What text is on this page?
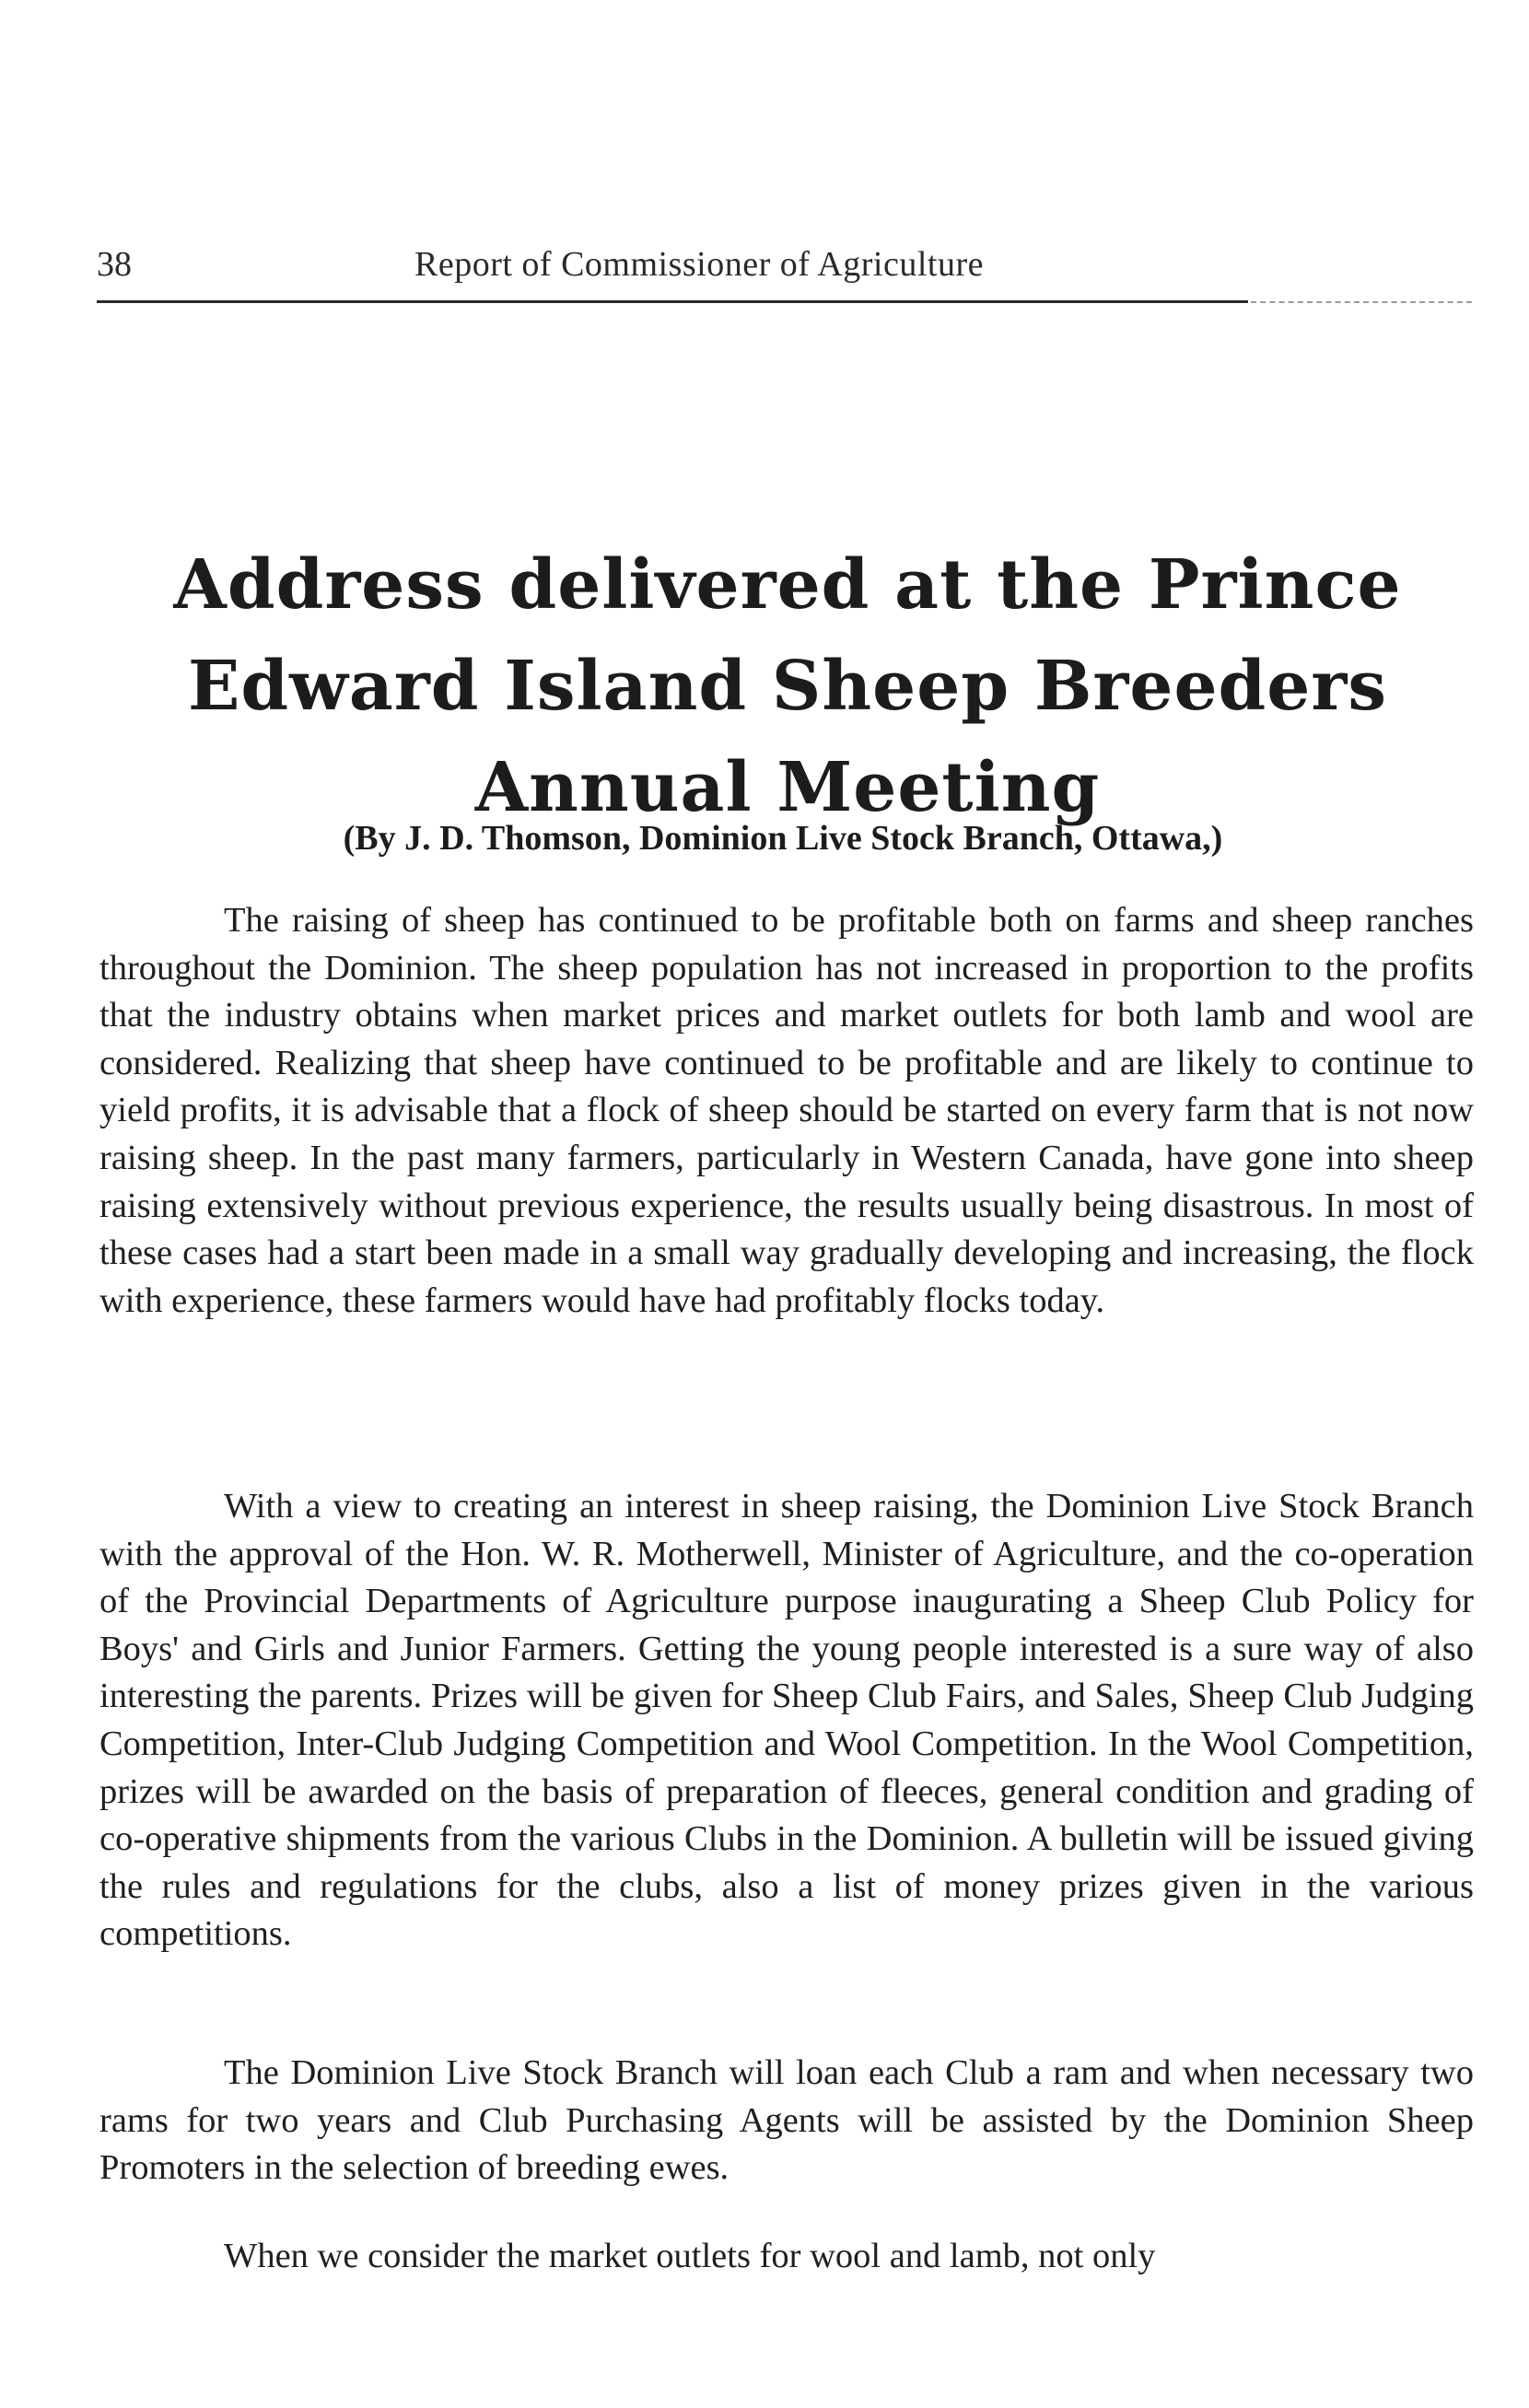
38	Report of Commissioner of Agriculture
Address delivered at the Prince Edward Island Sheep Breeders Annual Meeting
(By J. D. Thomson, Dominion Live Stock Branch, Ottawa,)

The raising of sheep has continued to be profitable both on farms and sheep ranches throughout the Dominion. The sheep population has not increased in proportion to the profits that the industry obtains when market prices and market outlets for both lamb and wool are considered. Realizing that sheep have continued to be profitable and are likely to continue to yield profits, it is advisable that a flock of sheep should be started on every farm that is not now raising sheep. In the past many farmers, particularly in Western Canada, have gone into sheep raising extensively without previous experience, the results usually being disastrous. In most of these cases had a start been made in a small way gradually developing and increasing, the flock with experience, these farmers would have had profitably flocks today.

With a view to creating an interest in sheep raising, the Dominion Live Stock Branch with the approval of the Hon. W. R. Motherwell, Minister of Agriculture, and the co-operation of the Provincial Departments of Agriculture purpose inaugurating a Sheep Club Policy for Boys' and Girls and Junior Farmers. Getting the young people interested is a sure way of also interesting the parents. Prizes will be given for Sheep Club Fairs, and Sales, Sheep Club Judging Competition, Inter-Club Judging Competition and Wool Competition. In the Wool Competition, prizes will be awarded on the basis of preparation of fleeces, general condition and grading of co-operative shipments from the various Clubs in the Dominion. A bulletin will be issued giving the rules and regulations for the clubs, also a list of money prizes given in the various competitions.

The Dominion Live Stock Branch will loan each Club a ram and when necessary two rams for two years and Club Purchasing Agents will be assisted by the Dominion Sheep Promoters in the selection of breeding ewes.

When we consider the market outlets for wool and lamb, not only
